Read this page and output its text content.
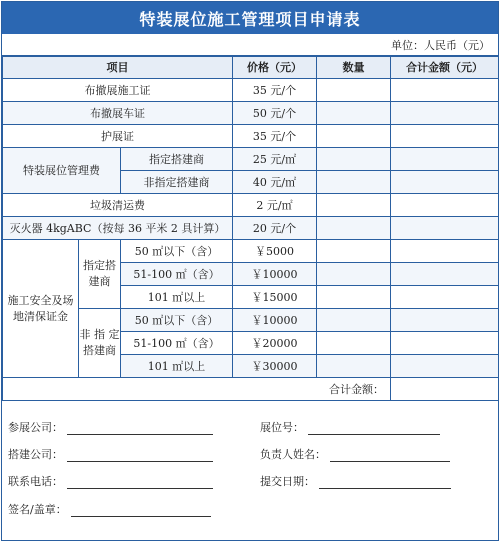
特装展位施工管理项目申请表
单位：人民币（元）
项目			价格（元）	数量	合计金额（元）
布撤展施工证			35 元/个		
布撤展车证			50 元/个		
护展证			35 元/个		
特装展位管理费		指定搭建商	25 元/㎡		
		非指定搭建商	40 元/㎡		
垃圾清运费			2 元/㎡		
灭火器 4kgABC（按每 36 平米 2 具计算）			20 元/个		
施工安全及场地清保证金	指定搭建商	50 ㎡以下（含）	￥5000		
		51-100 ㎡（含）	￥10000		
		101 ㎡以上	￥15000		
	非 指 定 搭建商	50 ㎡以下（含）	￥10000		
		51-100 ㎡（含）	￥20000		
		101 ㎡以上	￥30000		
合计金额：					
参展公司：	展位号：
搭建公司：	负责人姓名：
联系电话：	提交日期：
签名/盖章：
